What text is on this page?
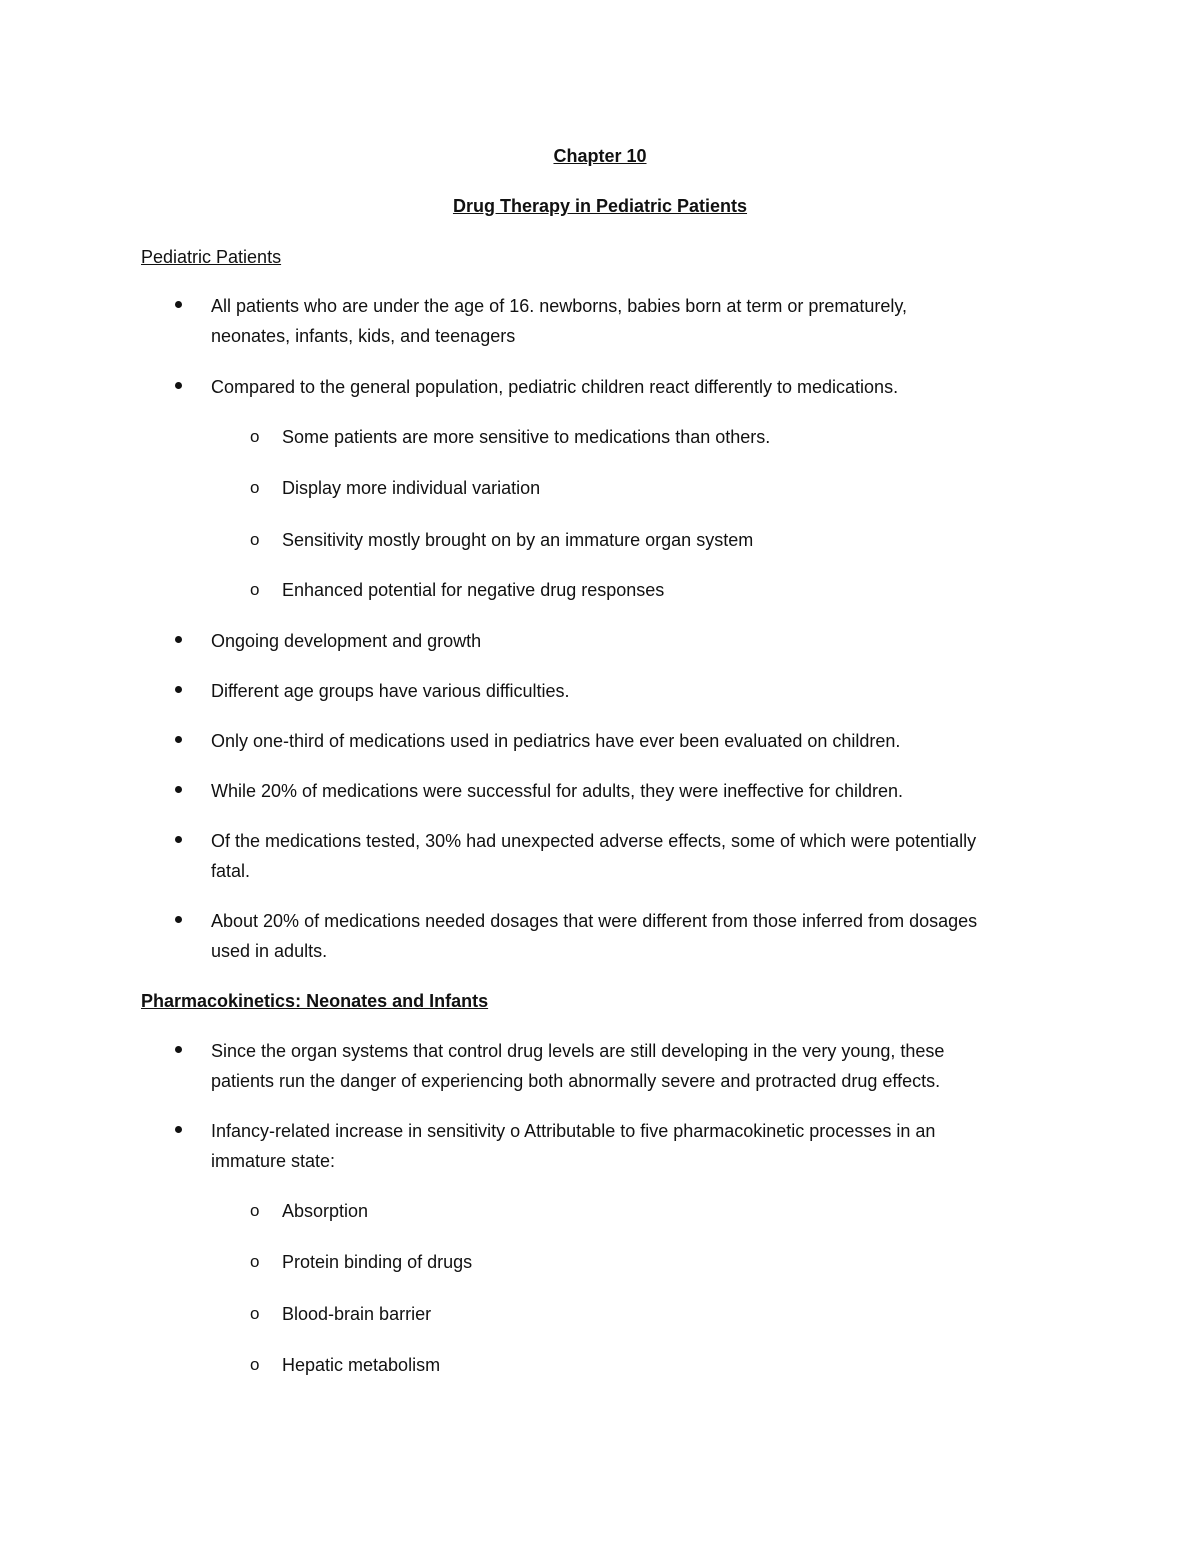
Chapter 10
Drug Therapy in Pediatric Patients
Pediatric Patients
All patients who are under the age of 16. newborns, babies born at term or prematurely,
neonates, infants, kids, and teenagers
Compared to the general population, pediatric children react differently to medications.
o Some patients are more sensitive to medications than others.
o Display more individual variation
o Sensitivity mostly brought on by an immature organ system
o Enhanced potential for negative drug responses
Ongoing development and growth
Different age groups have various difficulties.
Only one-third of medications used in pediatrics have ever been evaluated on children.
While 20% of medications were successful for adults, they were ineffective for children.
Of the medications tested, 30% had unexpected adverse effects, some of which were potentially
fatal.
About 20% of medications needed dosages that were different from those inferred from dosages
used in adults.
Pharmacokinetics: Neonates and Infants
Since the organ systems that control drug levels are still developing in the very young, these
patients run the danger of experiencing both abnormally severe and protracted drug effects.
Infancy-related increase in sensitivity o Attributable to five pharmacokinetic processes in an
immature state:
o Absorption
o Protein binding of drugs
o Blood-brain barrier
o Hepatic metabolism
